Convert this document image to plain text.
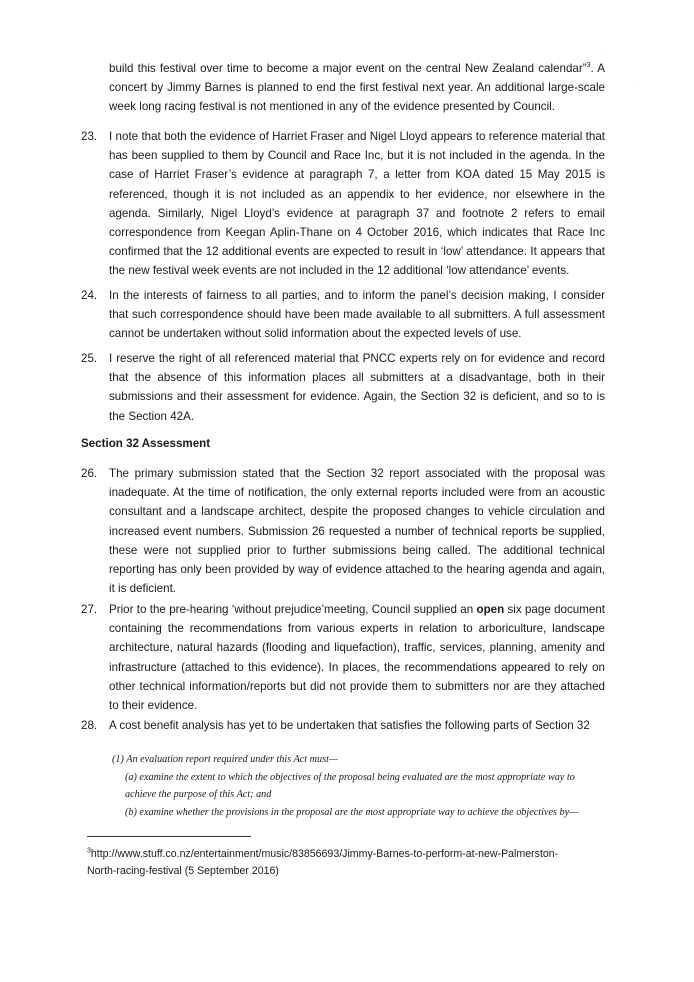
build this festival over time to become a major event on the central New Zealand calendar”$^3$. A concert by Jimmy Barnes is planned to end the first festival next year. An additional large-scale week long racing festival is not mentioned in any of the evidence presented by Council.

23. I note that both the evidence of Harriet Fraser and Nigel Lloyd appears to reference material that has been supplied to them by Council and Race Inc, but it is not included in the agenda. In the case of Harriet Fraser’s evidence at paragraph 7, a letter from KOA dated 15 May 2015 is referenced, though it is not included as an appendix to her evidence, nor elsewhere in the agenda. Similarly, Nigel Lloyd’s evidence at paragraph 37 and footnote 2 refers to email correspondence from Keegan Aplin-Thane on 4 October 2016, which indicates that Race Inc confirmed that the 12 additional events are expected to result in ‘low’ attendance. It appears that the new festival week events are not included in the 12 additional ‘low attendance’ events.

24. In the interests of fairness to all parties, and to inform the panel’s decision making, I consider that such correspondence should have been made available to all submitters. A full assessment cannot be undertaken without solid information about the expected levels of use.

25. I reserve the right of all referenced material that PNCC experts rely on for evidence and record that the absence of this information places all submitters at a disadvantage, both in their submissions and their assessment for evidence. Again, the Section 32 is deficient, and so to is the Section 42A.

Section 32 Assessment
26. The primary submission stated that the Section 32 report associated with the proposal was inadequate. At the time of notification, the only external reports included were from an acoustic consultant and a landscape architect, despite the proposed changes to vehicle circulation and increased event numbers. Submission 26 requested a number of technical reports be supplied, these were not supplied prior to further submissions being called. The additional technical reporting has only been provided by way of evidence attached to the hearing agenda and again, it is deficient.

27. Prior to the pre-hearing ‘without prejudice’meeting, Council supplied an open six page document containing the recommendations from various experts in relation to arboriculture, landscape architecture, natural hazards (flooding and liquefaction), traffic, services, planning, amenity and infrastructure (attached to this evidence). In places, the recommendations appeared to rely on other technical information/reports but did not provide them to submitters nor are they attached to their evidence.

28. A cost benefit analysis has yet to be undertaken that satisfies the following parts of Section 32

(1) An evaluation report required under this Act must—
(a) examine the extent to which the objectives of the proposal being evaluated are the most appropriate way to
achieve the purpose of this Act; and
(b) examine whether the provisions in the proposal are the most appropriate way to achieve the objectives by—
$^3$http://www.stuff.co.nz/entertainment/music/83856693/Jimmy-Barnes-to-perform-at-new-Palmerston-
North-racing-festival (5 September 2016)
·
·
